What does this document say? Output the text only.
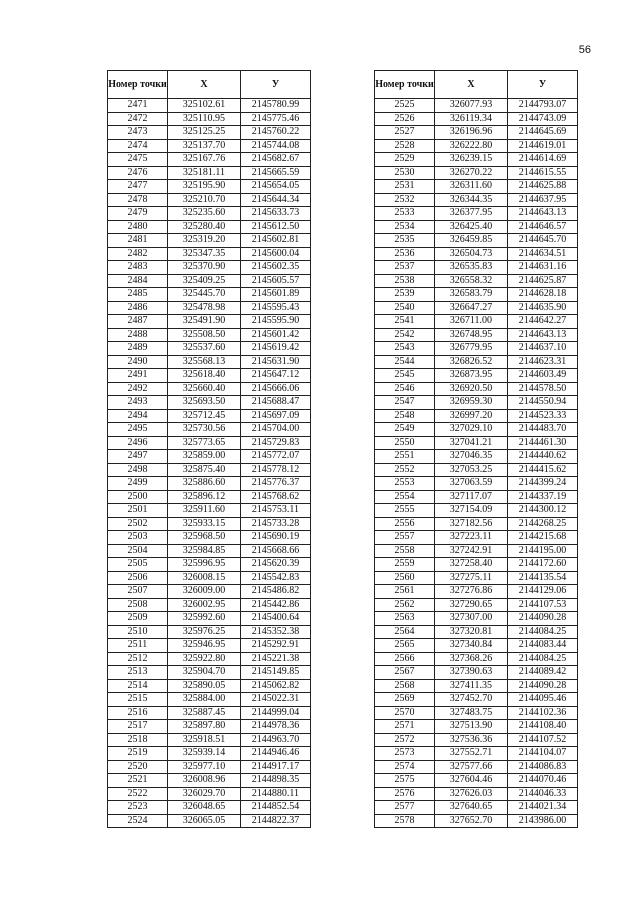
56
Номер точки	Х	У
2471	325102.61	2145780.99
2472	325110.95	2145775.46
2473	325125.25	2145760.22
2474	325137.70	2145744.08
2475	325167.76	2145682.67
2476	325181.11	2145665.59
2477	325195.90	2145654.05
2478	325210.70	2145644.34
2479	325235.60	2145633.73
2480	325280.40	2145612.50
2481	325319.20	2145602.81
2482	325347.35	2145600.04
2483	325370.90	2145602.35
2484	325409.25	2145605.57
2485	325445.70	2145601.89
2486	325478.98	2145595.43
2487	325491.90	2145595.90
2488	325508.50	2145601.42
2489	325537.60	2145619.42
2490	325568.13	2145631.90
2491	325618.40	2145647.12
2492	325660.40	2145666.06
2493	325693.50	2145688.47
2494	325712.45	2145697.09
2495	325730.56	2145704.00
2496	325773.65	2145729.83
2497	325859.00	2145772.07
2498	325875.40	2145778.12
2499	325886.60	2145776.37
2500	325896.12	2145768.62
2501	325911.60	2145753.11
2502	325933.15	2145733.28
2503	325968.50	2145690.19
2504	325984.85	2145668.66
2505	325996.95	2145620.39
2506	326008.15	2145542.83
2507	326009.00	2145486.82
2508	326002.95	2145442.86
2509	325992.60	2145400.64
2510	325976.25	2145352.38
2511	325946.95	2145292.91
2512	325922.80	2145221.38
2513	325904.70	2145149.85
2514	325890.05	2145062.82
2515	325884.00	2145022.31
2516	325887.45	2144999.04
2517	325897.80	2144978.36
2518	325918.51	2144963.70
2519	325939.14	2144946.46
2520	325977.10	2144917.17
2521	326008.96	2144898.35
2522	326029.70	2144880.11
2523	326048.65	2144852.54
2524	326065.05	2144822.37
Номер точки	Х	У
2525	326077.93	2144793.07
2526	326119.34	2144743.09
2527	326196.96	2144645.69
2528	326222.80	2144619.01
2529	326239.15	2144614.69
2530	326270.22	2144615.55
2531	326311.60	2144625.88
2532	326344.35	2144637.95
2533	326377.95	2144643.13
2534	326425.40	2144646.57
2535	326459.85	2144645.70
2536	326504.73	2144634.51
2537	326535.83	2144631.16
2538	326558.32	2144625.87
2539	326583.79	2144628.18
2540	326647.27	2144635.90
2541	326711.00	2144642.27
2542	326748.95	2144643.13
2543	326779.95	2144637.10
2544	326826.52	2144623.31
2545	326873.95	2144603.49
2546	326920.50	2144578.50
2547	326959.30	2144550.94
2548	326997.20	2144523.33
2549	327029.10	2144483.70
2550	327041.21	2144461.30
2551	327046.35	2144440.62
2552	327053.25	2144415.62
2553	327063.59	2144399.24
2554	327117.07	2144337.19
2555	327154.09	2144300.12
2556	327182.56	2144268.25
2557	327223.11	2144215.68
2558	327242.91	2144195.00
2559	327258.40	2144172.60
2560	327275.11	2144135.54
2561	327276.86	2144129.06
2562	327290.65	2144107.53
2563	327307.00	2144090.28
2564	327320.81	2144084.25
2565	327340.84	2144083.44
2566	327368.26	2144084.25
2567	327390.63	2144089.42
2568	327411.35	2144090.28
2569	327452.70	2144095.46
2570	327483.75	2144102.36
2571	327513.90	2144108.40
2572	327536.36	2144107.52
2573	327552.71	2144104.07
2574	327577.66	2144086.83
2575	327604.46	2144070.46
2576	327626.03	2144046.33
2577	327640.65	2144021.34
2578	327652.70	2143986.00
